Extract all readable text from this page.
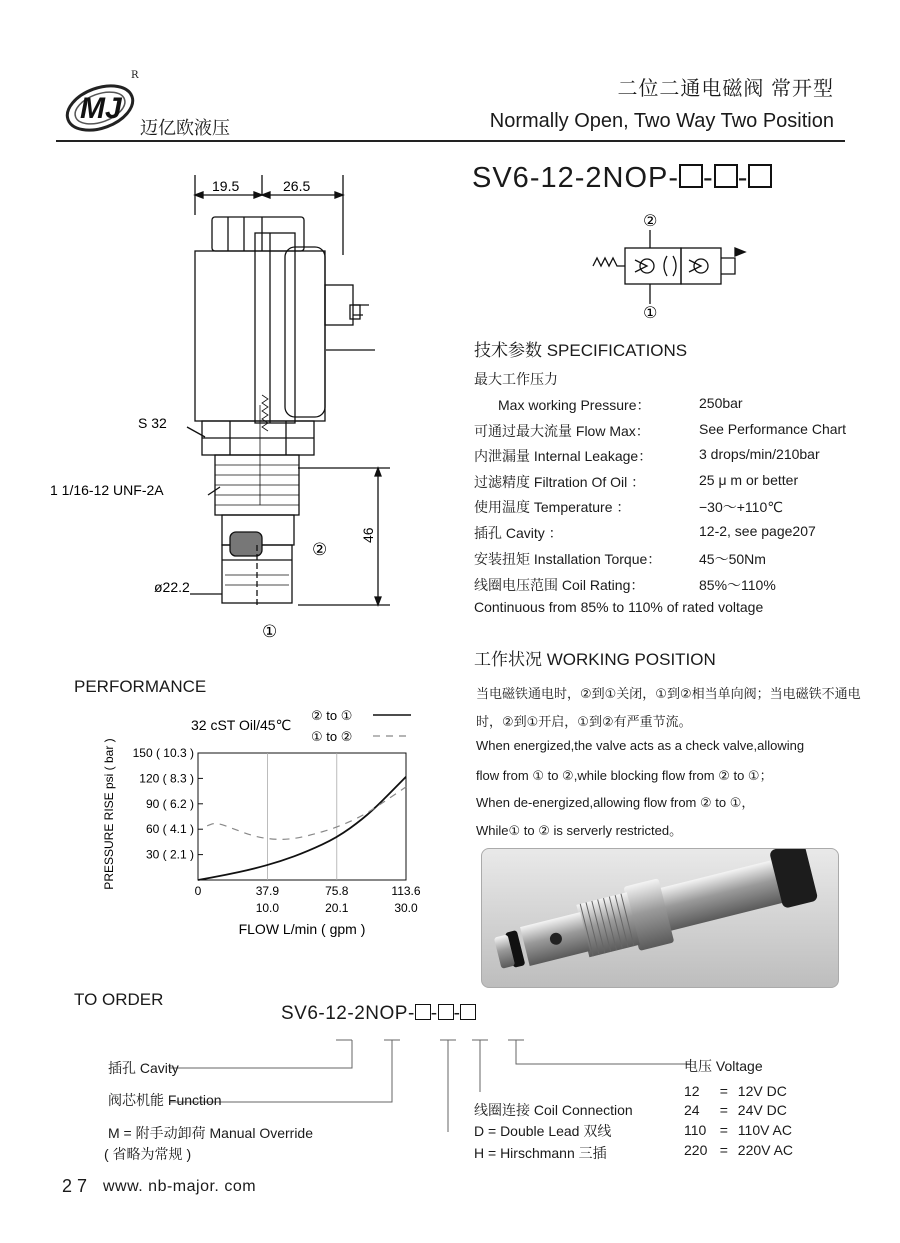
MJ
R
迈亿欧液压
二位二通电磁阀 常开型
Normally Open, Two Way Two Position
SV6-12-2NOP- - -
19.5	26.5
S 32
1 1/16-12 UNF-2A
ø22.2
46
②
①
②
①
技术参数 SPECIFICATIONS
最大工作压力
Max working Pressure：	250bar
可通过最大流量 Flow Max：	See Performance Chart
内泄漏量 Internal Leakage：	3 drops/min/210bar
过滤精度 Filtration Of Oil ：	25 μ m or better
使用温度 Temperature ：	−30～+110℃
插孔 Cavity ：	12-2, see page207
安装扭矩 Installation Torque：	45～50Nm
线圈电压范围 Coil Rating：	85%～110%
Continuous from 85% to 110% of rated voltage
工作状况 WORKING POSITION
当电磁铁通电时，②到①关闭，①到②相当单向阀；当电磁铁不通电
时，②到①开启，①到②有严重节流。
When energized,the valve acts as a check valve,allowing
flow from ① to ②,while blocking flow from ② to ①；
When de-energized,allowing flow from ② to ①，
While① to ② is serverly restricted。
PERFORMANCE
32 cST Oil/45℃
② to ①
① to ②
PRESSURE RISE psi ( bar )
FLOW L/min ( gpm )
0	37.9
10.0
75.8
20.1
113.6
30.0
30 ( 2.1 )
60 ( 4.1 )
90 ( 6.2 )
120 ( 8.3 )
150 ( 10.3 )
TO ORDER
SV6-12-2NOP- - -
插孔 Cavity
阀芯机能 Function
M = 附手动卸荷 Manual Override
( 省略为常规 )
线圈连接 Coil Connection
D = Double Lead 双线
H = Hirschmann 三插
电压 Voltage
12 = 12V DC
24 = 24V DC
110 = 110V AC
220 = 220V AC
2 7 www. nb-major. com
